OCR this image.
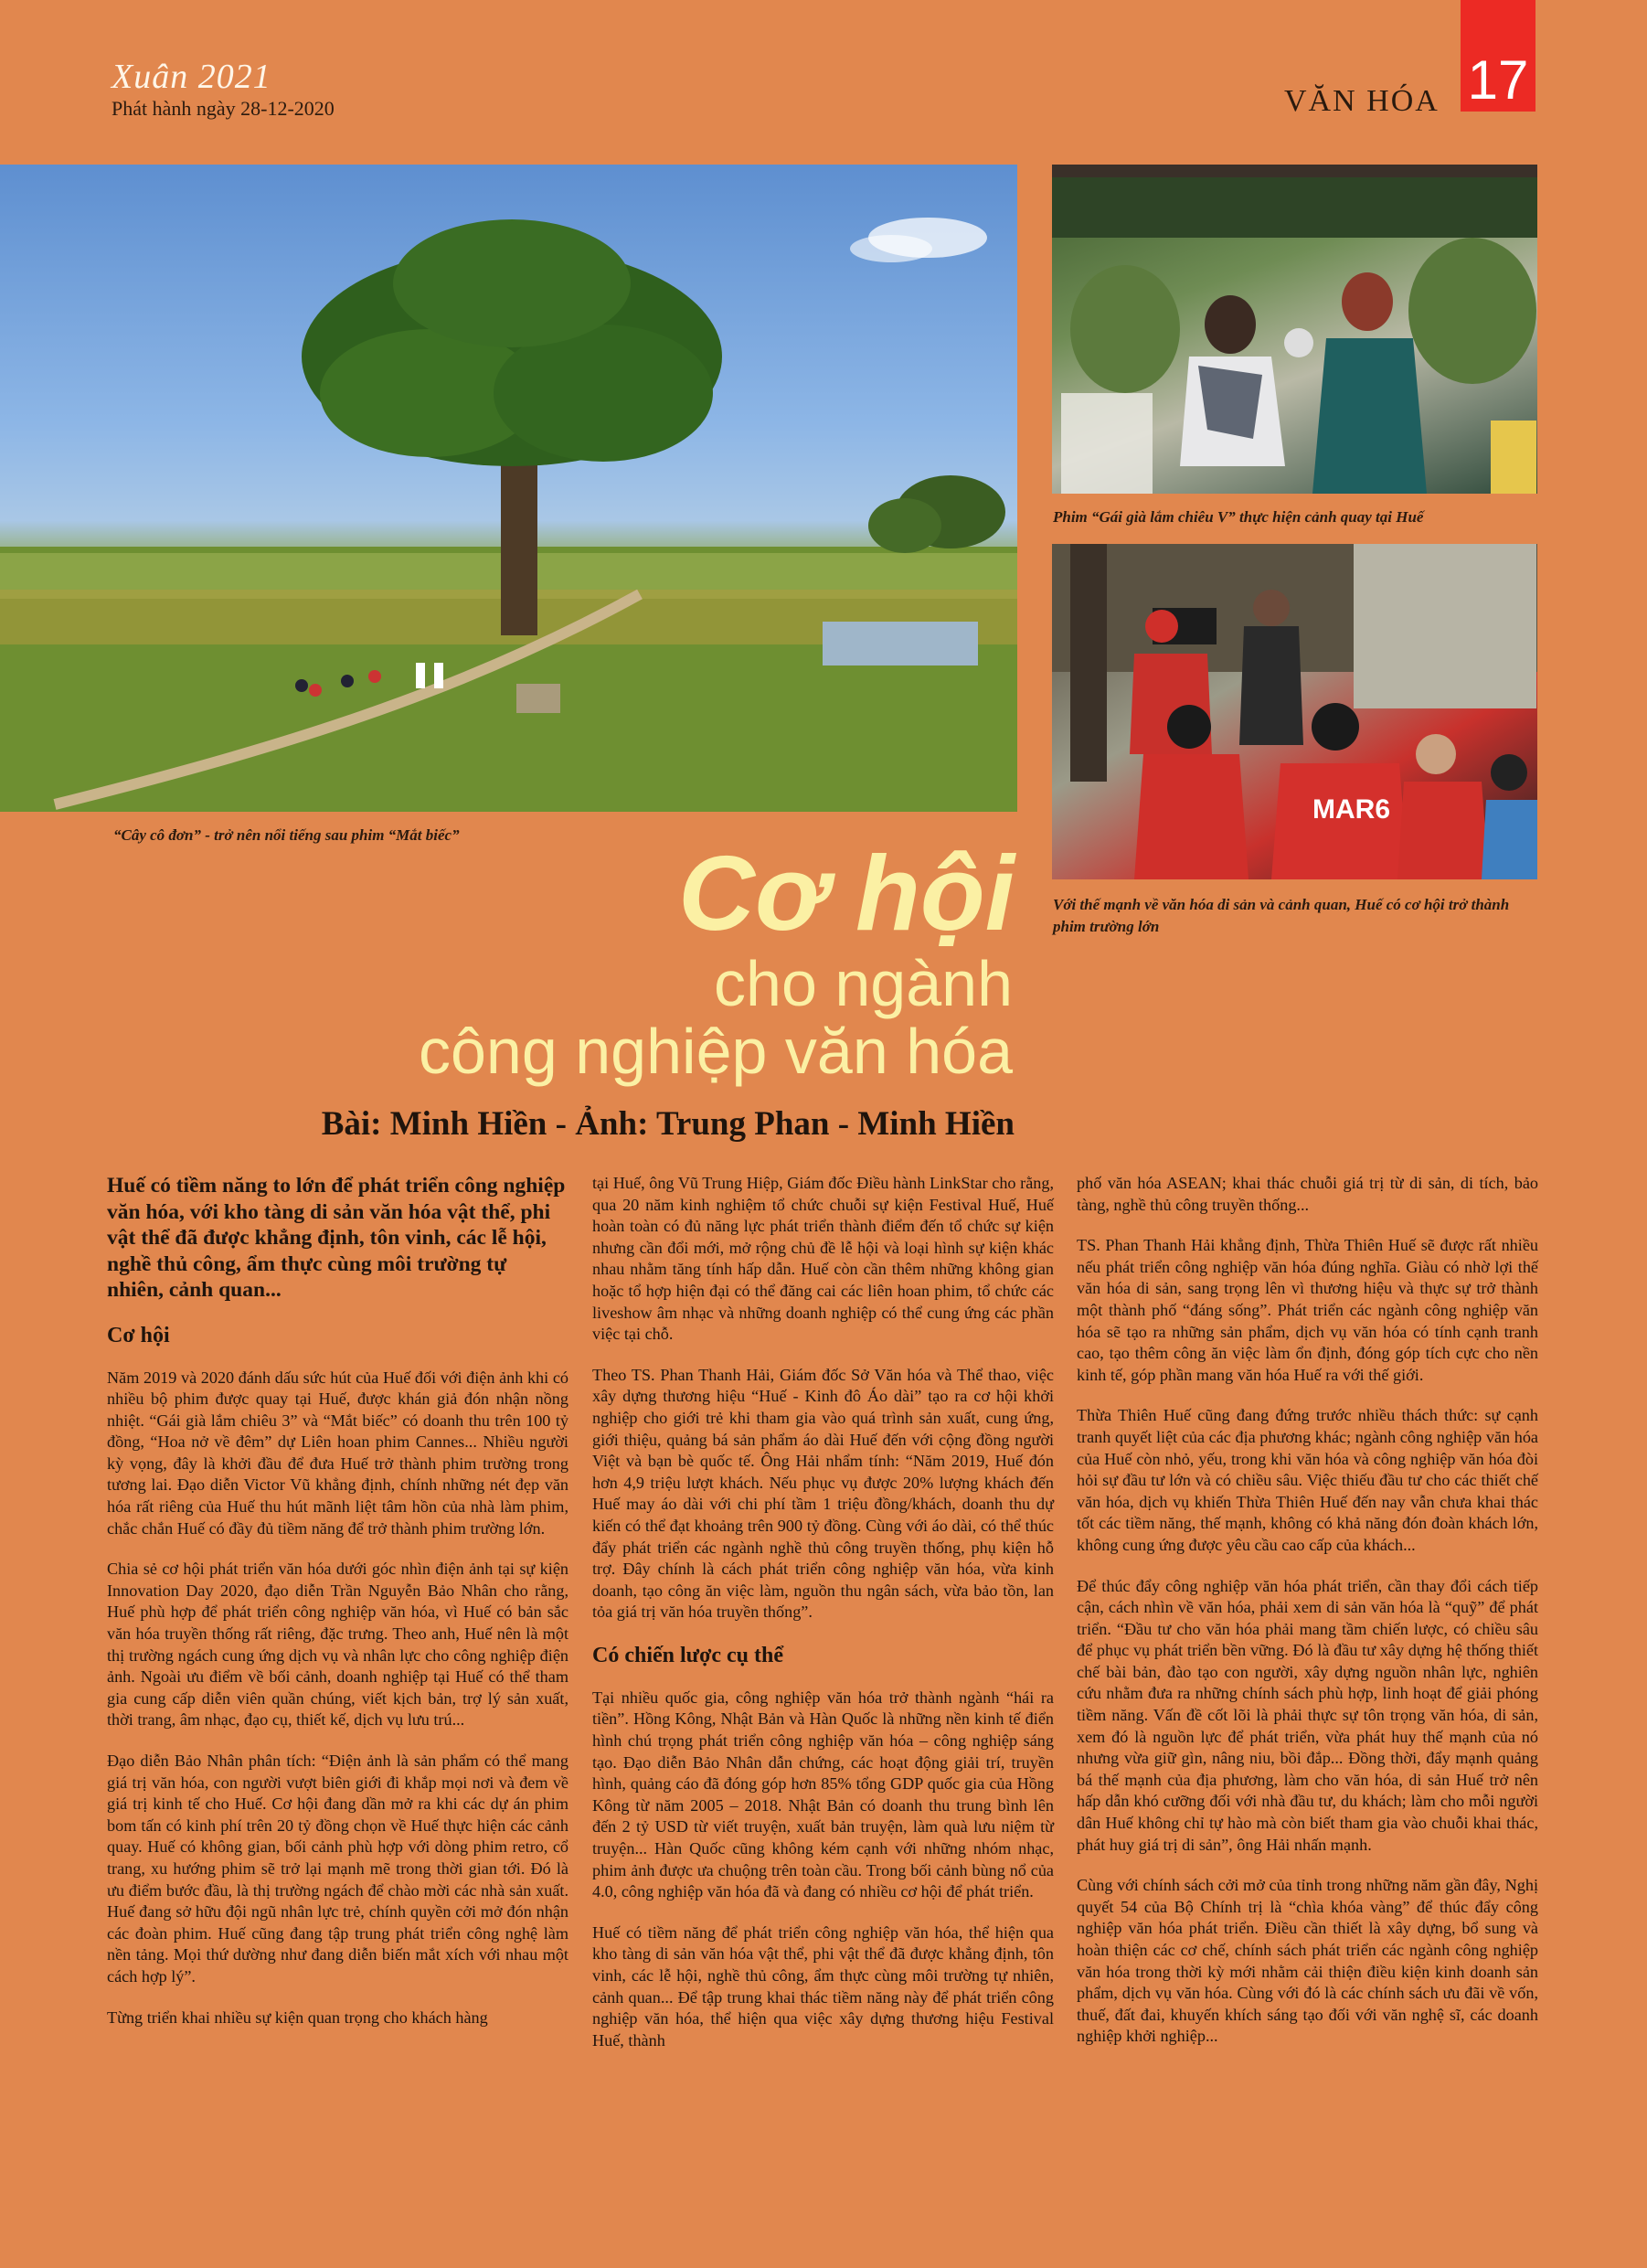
Xuân 2021
Phát hành ngày 28-12-2020	VĂN HÓA 17
MAR6
“Cây cô đơn” - trở nên nổi tiếng sau phim “Mắt biếc”
Phim “Gái già lắm chiêu V” thực hiện cảnh quay tại Huế
Với thế mạnh về văn hóa di sản và cảnh quan, Huế có cơ hội trở thành phim trường lớn
Cơ hội
cho ngành
công nghiệp văn hóa
Bài: Minh Hiền - Ảnh: Trung Phan - Minh Hiền

Huế có tiềm năng to lớn để phát triển công nghiệp văn hóa, với kho tàng di sản văn hóa vật thể, phi vật thể đã được khẳng định, tôn vinh, các lễ hội, nghề thủ công, ẩm thực cùng môi trường tự nhiên, cảnh quan...

Cơ hội

Năm 2019 và 2020 đánh dấu sức hút của Huế đối với điện ảnh khi có nhiều bộ phim được quay tại Huế, được khán giả đón nhận nồng nhiệt. “Gái già lắm chiêu 3” và “Mắt biếc” có doanh thu trên 100 tỷ đồng, “Hoa nở về đêm” dự Liên hoan phim Cannes... Nhiều người kỳ vọng, đây là khởi đầu để đưa Huế trở thành phim trường trong tương lai. Đạo diễn Victor Vũ khẳng định, chính những nét đẹp văn hóa rất riêng của Huế thu hút mãnh liệt tâm hồn của nhà làm phim, chắc chắn Huế có đầy đủ tiềm năng để trở thành phim trường lớn.

Chia sẻ cơ hội phát triển văn hóa dưới góc nhìn điện ảnh tại sự kiện Innovation Day 2020, đạo diễn Trần Nguyễn Bảo Nhân cho rằng, Huế phù hợp để phát triển công nghiệp văn hóa, vì Huế có bản sắc văn hóa truyền thống rất riêng, đặc trưng. Theo anh, Huế nên là một thị trường ngách cung ứng dịch vụ và nhân lực cho công nghiệp điện ảnh. Ngoài ưu điểm về bối cảnh, doanh nghiệp tại Huế có thể tham gia cung cấp diễn viên quần chúng, viết kịch bản, trợ lý sản xuất, thời trang, âm nhạc, đạo cụ, thiết kế, dịch vụ lưu trú...

Đạo diễn Bảo Nhân phân tích: “Điện ảnh là sản phẩm có thể mang giá trị văn hóa, con người vượt biên giới đi khắp mọi nơi và đem về giá trị kinh tế cho Huế. Cơ hội đang dần mở ra khi các dự án phim bom tấn có kinh phí trên 20 tỷ đồng chọn về Huế thực hiện các cảnh quay. Huế có không gian, bối cảnh phù hợp với dòng phim retro, cổ trang, xu hướng phim sẽ trở lại mạnh mẽ trong thời gian tới. Đó là ưu điểm bước đầu, là thị trường ngách để chào mời các nhà sản xuất. Huế đang sở hữu đội ngũ nhân lực trẻ, chính quyền cởi mở đón nhận các đoàn phim. Huế cũng đang tập trung phát triển công nghệ làm nền tảng. Mọi thứ dường như đang diễn biến mắt xích với nhau một cách hợp lý”.

Từng triển khai nhiều sự kiện quan trọng cho khách hàng

tại Huế, ông Vũ Trung Hiệp, Giám đốc Điều hành LinkStar cho rằng, qua 20 năm kinh nghiệm tổ chức chuỗi sự kiện Festival Huế, Huế hoàn toàn có đủ năng lực phát triển thành điểm đến tổ chức sự kiện nhưng cần đổi mới, mở rộng chủ đề lễ hội và loại hình sự kiện khác nhau nhằm tăng tính hấp dẫn. Huế còn cần thêm những không gian hoặc tổ hợp hiện đại có thể đăng cai các liên hoan phim, tổ chức các liveshow âm nhạc và những doanh nghiệp có thể cung ứng các phần việc tại chỗ.

Theo TS. Phan Thanh Hải, Giám đốc Sở Văn hóa và Thể thao, việc xây dựng thương hiệu “Huế - Kinh đô Áo dài” tạo ra cơ hội khởi nghiệp cho giới trẻ khi tham gia vào quá trình sản xuất, cung ứng, giới thiệu, quảng bá sản phẩm áo dài Huế đến với cộng đồng người Việt và bạn bè quốc tế. Ông Hải nhẩm tính: “Năm 2019, Huế đón hơn 4,9 triệu lượt khách. Nếu phục vụ được 20% lượng khách đến Huế may áo dài với chi phí tầm 1 triệu đồng/khách, doanh thu dự kiến có thể đạt khoảng trên 900 tỷ đồng. Cùng với áo dài, có thể thúc đẩy phát triển các ngành nghề thủ công truyền thống, phụ kiện hỗ trợ. Đây chính là cách phát triển công nghiệp văn hóa, vừa kinh doanh, tạo công ăn việc làm, nguồn thu ngân sách, vừa bảo tồn, lan tỏa giá trị văn hóa truyền thống”.

Có chiến lược cụ thể

Tại nhiều quốc gia, công nghiệp văn hóa trở thành ngành “hái ra tiền”. Hồng Kông, Nhật Bản và Hàn Quốc là những nền kinh tế điển hình chú trọng phát triển công nghiệp văn hóa – công nghiệp sáng tạo. Đạo diễn Bảo Nhân dẫn chứng, các hoạt động giải trí, truyền hình, quảng cáo đã đóng góp hơn 85% tổng GDP quốc gia của Hồng Kông từ năm 2005 – 2018. Nhật Bản có doanh thu trung bình lên đến 2 tỷ USD từ viết truyện, xuất bản truyện, làm quà lưu niệm từ truyện... Hàn Quốc cũng không kém cạnh với những nhóm nhạc, phim ảnh được ưa chuộng trên toàn cầu. Trong bối cảnh bùng nổ của 4.0, công nghiệp văn hóa đã và đang có nhiều cơ hội để phát triển.

Huế có tiềm năng để phát triển công nghiệp văn hóa, thể hiện qua kho tàng di sản văn hóa vật thể, phi vật thể đã được khẳng định, tôn vinh, các lễ hội, nghề thủ công, ẩm thực cùng môi trường tự nhiên, cảnh quan... Để tập trung khai thác tiềm năng này để phát triển công nghiệp văn hóa, thể hiện qua việc xây dựng thương hiệu Festival Huế, thành

phố văn hóa ASEAN; khai thác chuỗi giá trị từ di sản, di tích, bảo tàng, nghề thủ công truyền thống...

TS. Phan Thanh Hải khẳng định, Thừa Thiên Huế sẽ được rất nhiều nếu phát triển công nghiệp văn hóa đúng nghĩa. Giàu có nhờ lợi thế văn hóa di sản, sang trọng lên vì thương hiệu và thực sự trở thành một thành phố “đáng sống”. Phát triển các ngành công nghiệp văn hóa sẽ tạo ra những sản phẩm, dịch vụ văn hóa có tính cạnh tranh cao, tạo thêm công ăn việc làm ổn định, đóng góp tích cực cho nền kinh tế, góp phần mang văn hóa Huế ra với thế giới.

Thừa Thiên Huế cũng đang đứng trước nhiều thách thức: sự cạnh tranh quyết liệt của các địa phương khác; ngành công nghiệp văn hóa của Huế còn nhỏ, yếu, trong khi văn hóa và công nghiệp văn hóa đòi hỏi sự đầu tư lớn và có chiều sâu. Việc thiếu đầu tư cho các thiết chế văn hóa, dịch vụ khiến Thừa Thiên Huế đến nay vẫn chưa khai thác tốt các tiềm năng, thế mạnh, không có khả năng đón đoàn khách lớn, không cung ứng được yêu cầu cao cấp của khách...

Để thúc đẩy công nghiệp văn hóa phát triển, cần thay đổi cách tiếp cận, cách nhìn về văn hóa, phải xem di sản văn hóa là “quỹ” để phát triển. “Đầu tư cho văn hóa phải mang tầm chiến lược, có chiều sâu để phục vụ phát triển bền vững. Đó là đầu tư xây dựng hệ thống thiết chế bài bản, đào tạo con người, xây dựng nguồn nhân lực, nghiên cứu nhằm đưa ra những chính sách phù hợp, linh hoạt để giải phóng tiềm năng. Vấn đề cốt lõi là phải thực sự tôn trọng văn hóa, di sản, xem đó là nguồn lực để phát triển, vừa phát huy thế mạnh của nó nhưng vừa giữ gìn, nâng niu, bồi đắp... Đồng thời, đẩy mạnh quảng bá thế mạnh của địa phương, làm cho văn hóa, di sản Huế trở nên hấp dẫn khó cưỡng đối với nhà đầu tư, du khách; làm cho mỗi người dân Huế không chỉ tự hào mà còn biết tham gia vào chuỗi khai thác, phát huy giá trị di sản”, ông Hải nhấn mạnh.

Cùng với chính sách cởi mở của tỉnh trong những năm gần đây, Nghị quyết 54 của Bộ Chính trị là “chìa khóa vàng” để thúc đẩy công nghiệp văn hóa phát triển. Điều cần thiết là xây dựng, bổ sung và hoàn thiện các cơ chế, chính sách phát triển các ngành công nghiệp văn hóa trong thời kỳ mới nhằm cải thiện điều kiện kinh doanh sản phẩm, dịch vụ văn hóa. Cùng với đó là các chính sách ưu đãi về vốn, thuế, đất đai, khuyến khích sáng tạo đối với văn nghệ sĩ, các doanh nghiệp khởi nghiệp...
